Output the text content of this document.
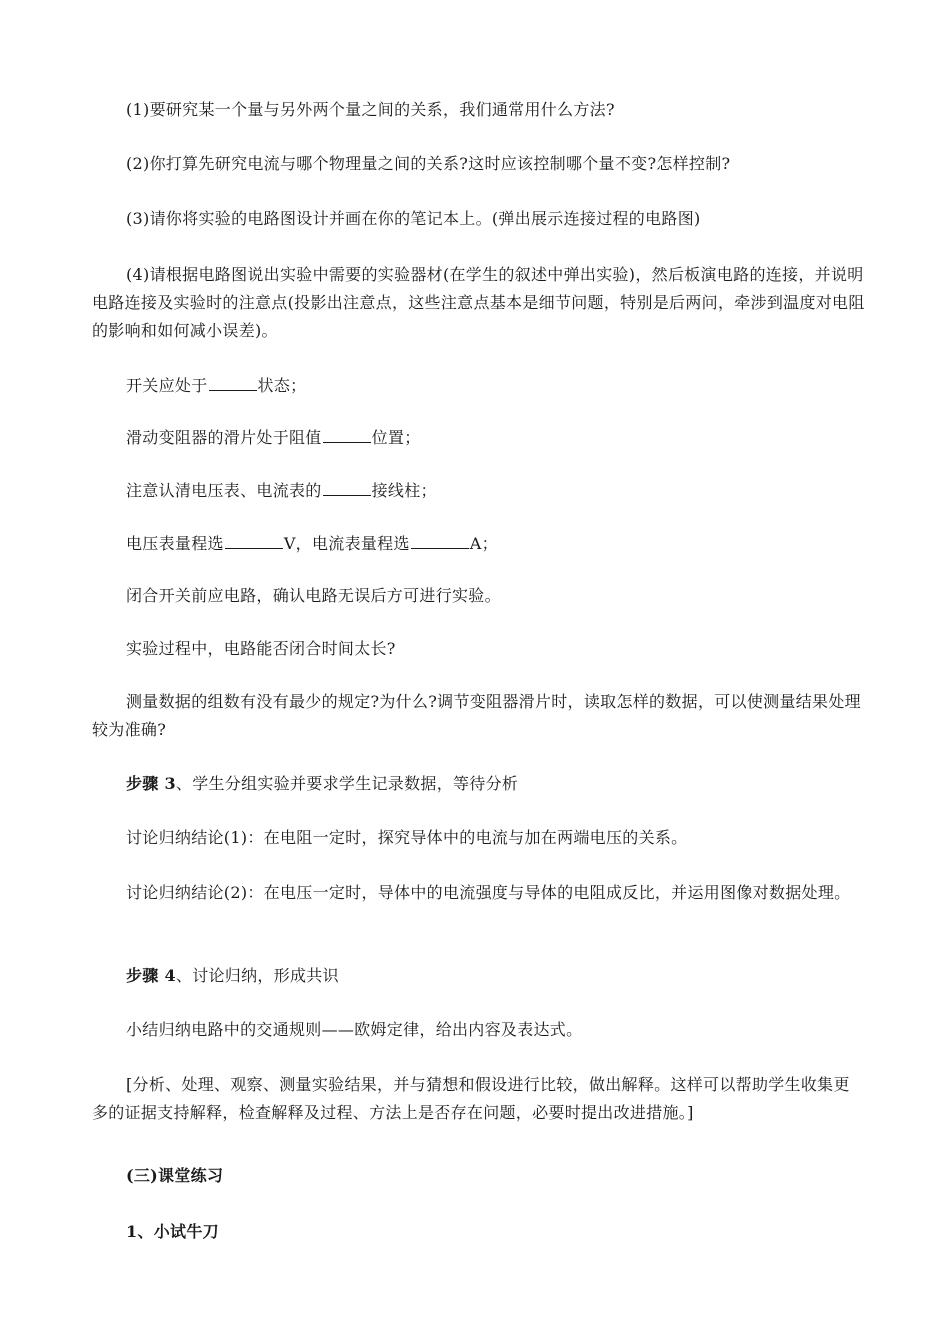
(1)要研究某一个量与另外两个量之间的关系，我们通常用什么方法?

(2)你打算先研究电流与哪个物理量之间的关系?这时应该控制哪个量不变?怎样控制?

(3)请你将实验的电路图设计并画在你的笔记本上。(弹出展示连接过程的电路图)

(4)请根据电路图说出实验中需要的实验器材(在学生的叙述中弹出实验)，然后板演电路的连接，并说明电路连接及实验时的注意点(投影出注意点，这些注意点基本是细节问题，特别是后两问，牵涉到温度对电阻的影响和如何减小误差)。

开关应处于	状态；

滑动变阻器的滑片处于阻值	位置；

注意认清电压表、电流表的	接线柱；

电压表量程选	V，电流表量程选	A；

闭合开关前应电路，确认电路无误后方可进行实验。

实验过程中，电路能否闭合时间太长?

测量数据的组数有没有最少的规定?为什么?调节变阻器滑片时，读取怎样的数据，可以使测量结果处理较为准确?

步骤 3、学生分组实验并要求学生记录数据，等待分析

讨论归纳结论(1)：在电阻一定时，探究导体中的电流与加在两端电压的关系。

讨论归纳结论(2)：在电压一定时，导体中的电流强度与导体的电阻成反比，并运用图像对数据处理。

步骤 4、讨论归纳，形成共识

小结归纳电路中的交通规则——欧姆定律，给出内容及表达式。

[分析、处理、观察、测量实验结果，并与猜想和假设进行比较，做出解释。这样可以帮助学生收集更多的证据支持解释，检查解释及过程、方法上是否存在问题，必要时提出改进措施。]

(三)课堂练习

1、小试牛刀
